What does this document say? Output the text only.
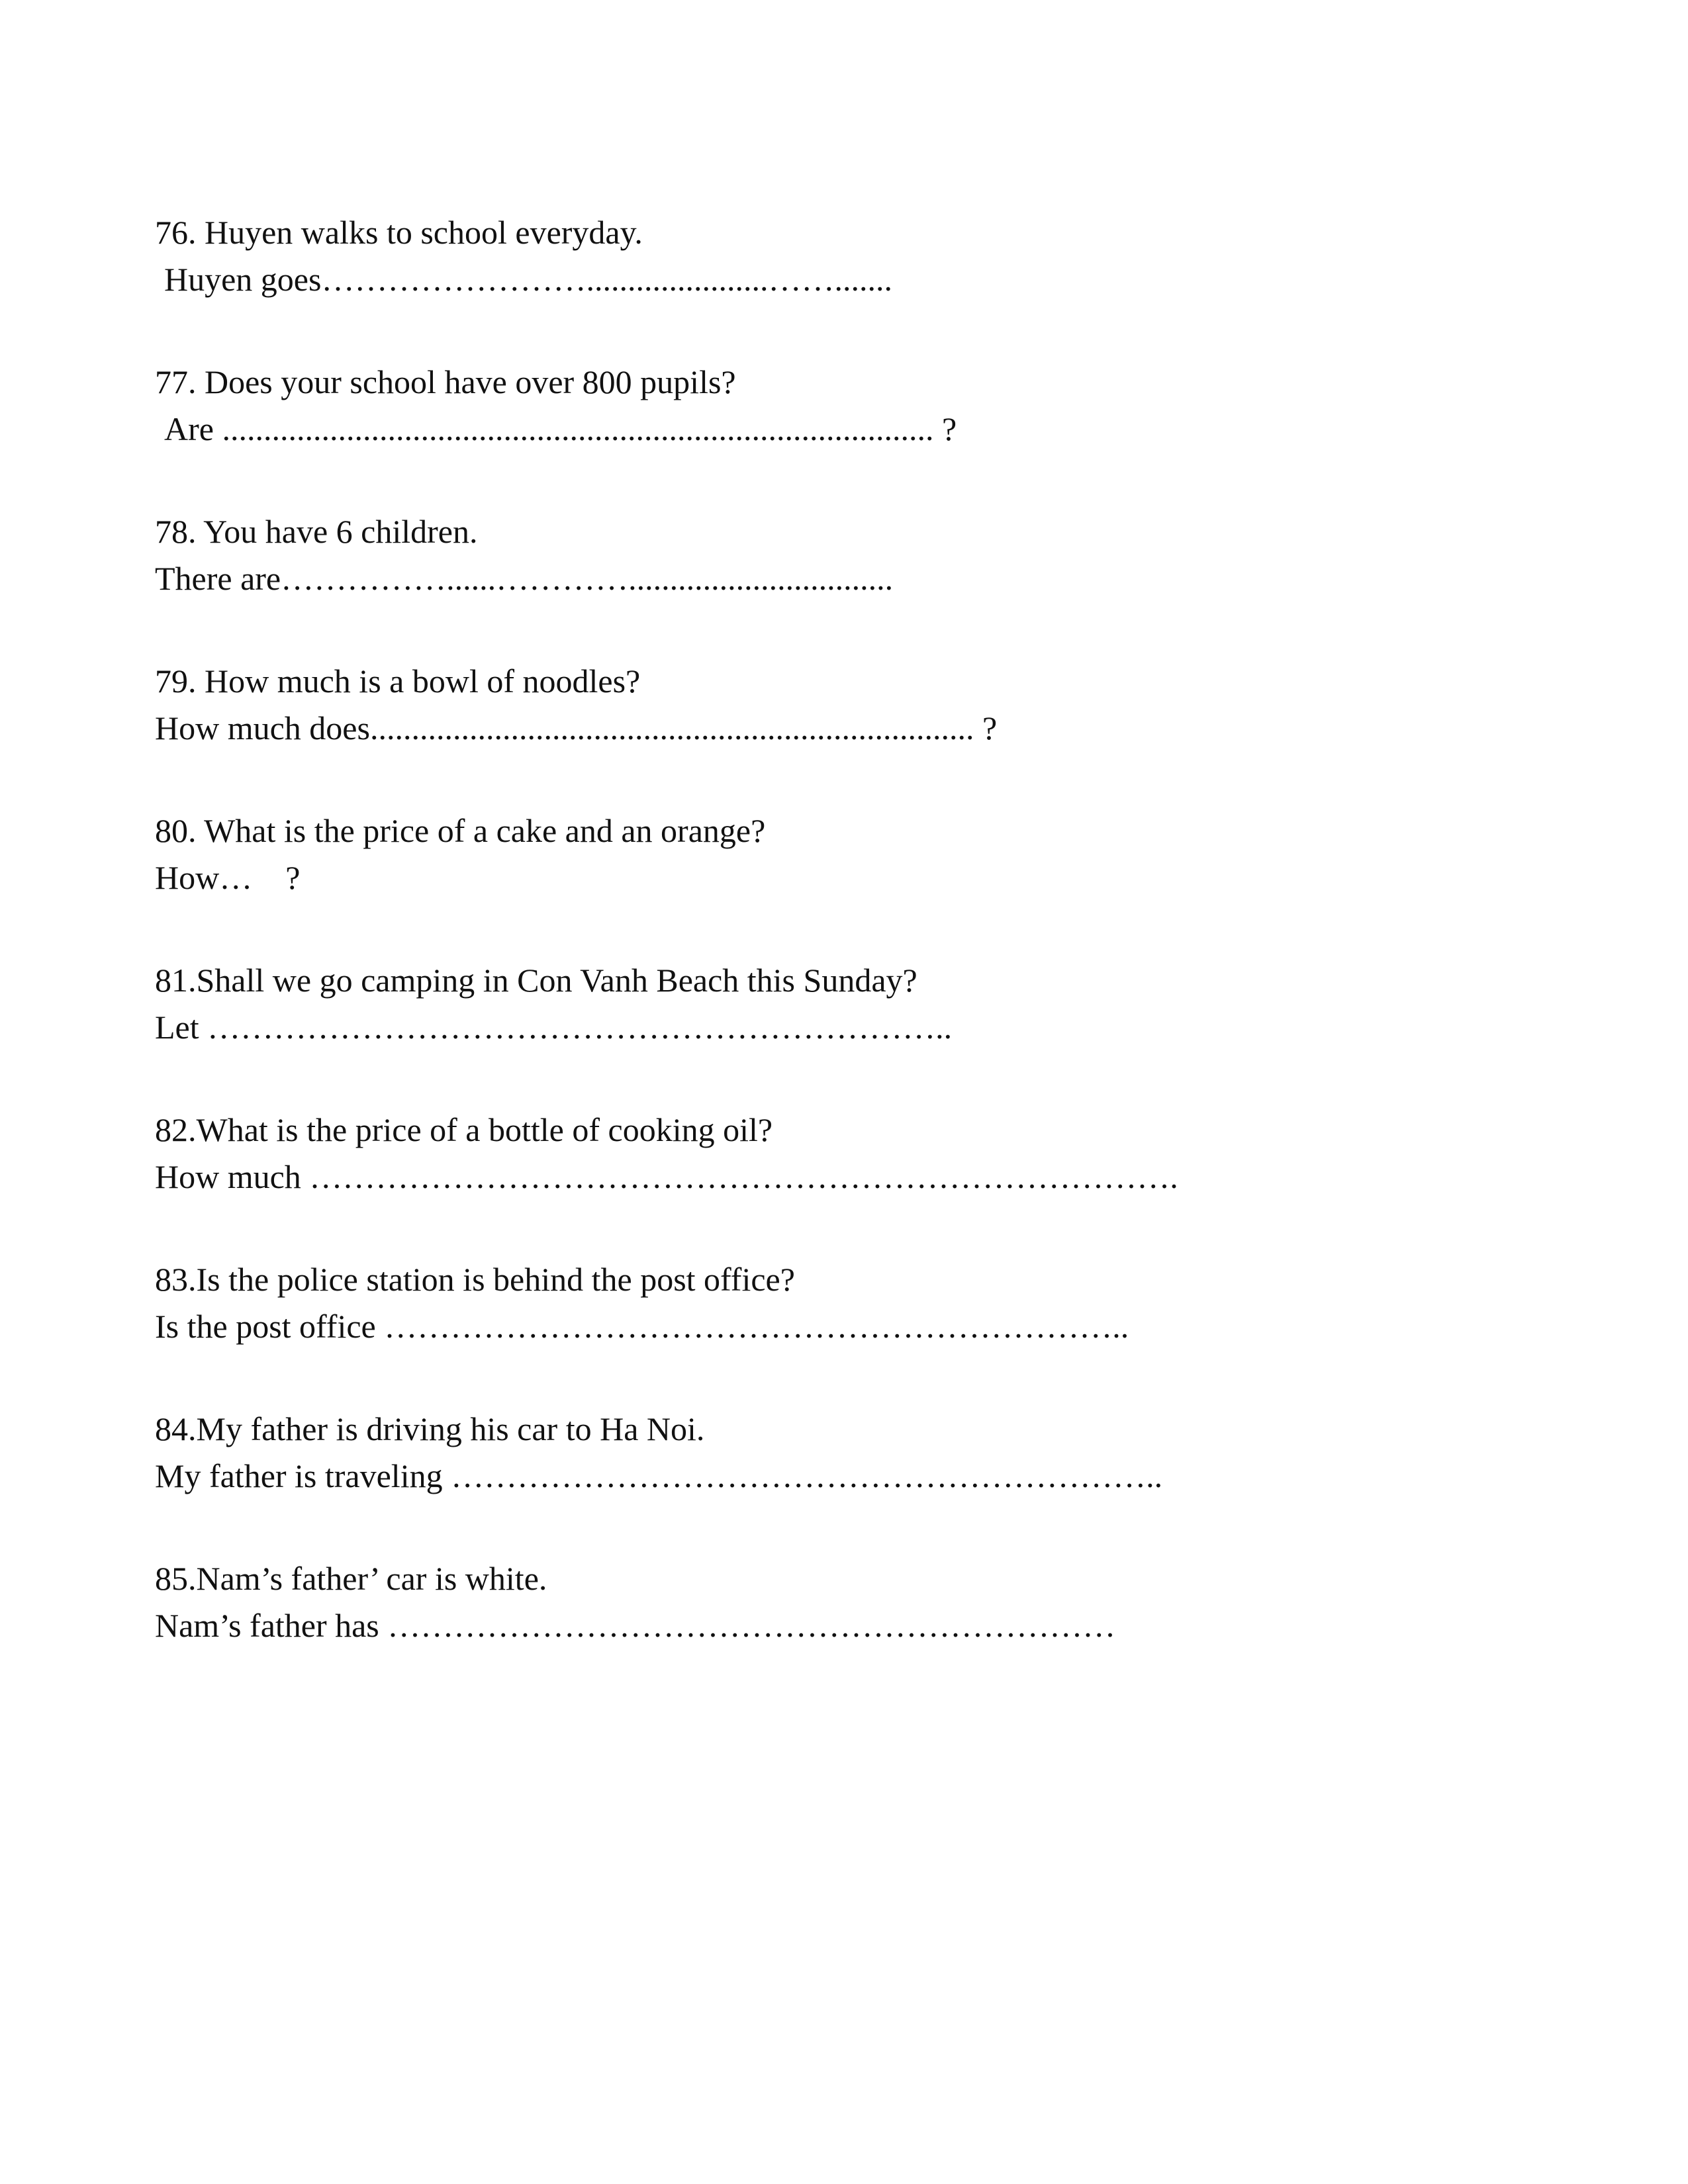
76. Huyen walks to school everyday.
Huyen goes……………………......................…….......
77. Does your school have over 800 pupils?
Are ...................................................................................... ?
78. You have 6 children.
There are……………......…………................................
79. How much is a bowl of noodles?
How much does......................................................................... ?
80. What is the price of a cake and an orange?
How…    ?
81.Shall we go camping in Con Vanh Beach this Sunday?
Let …………………………………………………………..
82.What is the price of a bottle of cooking oil?
How much …………………………………………………………………….
83.Is the police station is behind the post office?
Is the post office …………………………………………………………..
84.My father is driving his car to Ha Noi.
My father is traveling ………………………………………………………..
85.Nam’s father’ car is white.
Nam’s father has …………………………………………………………
